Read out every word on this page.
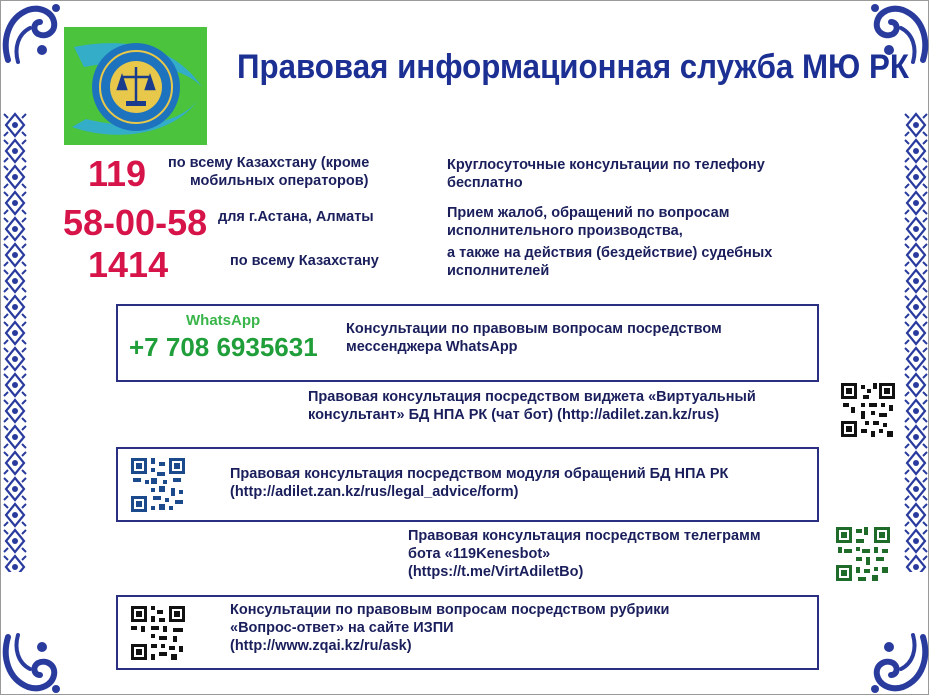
Правовая информационная служба МЮ РК
119 по всему Казахстану (кроме
мобильных операторов)
58-00-58 для г.Астана, Алматы
1414	по всему Казахстану
Круглосуточные консультации по телефону
бесплатно
Прием жалоб, обращений по вопросам
исполнительного производства,
а также на действия (бездействие) судебных
исполнителей
WhatsApp
+7 708 6935631
Консультации по правовым вопросам посредством
мессенджера WhatsApp
Правовая консультация посредством виджета «Виртуальный
консультант» БД НПА РК (чат бот) (http://adilet.zan.kz/rus)
Правовая консультация посредством модуля обращений БД НПА РК
(http://adilet.zan.kz/rus/legal_advice/form)
Правовая консультация посредством телеграмм
бота «119Kenesbot»
(https://t.me/VirtAdiletBo)
Консультации по правовым вопросам посредством рубрики
«Вопрос-ответ» на сайте ИЗПИ
(http://www.zqai.kz/ru/ask)
